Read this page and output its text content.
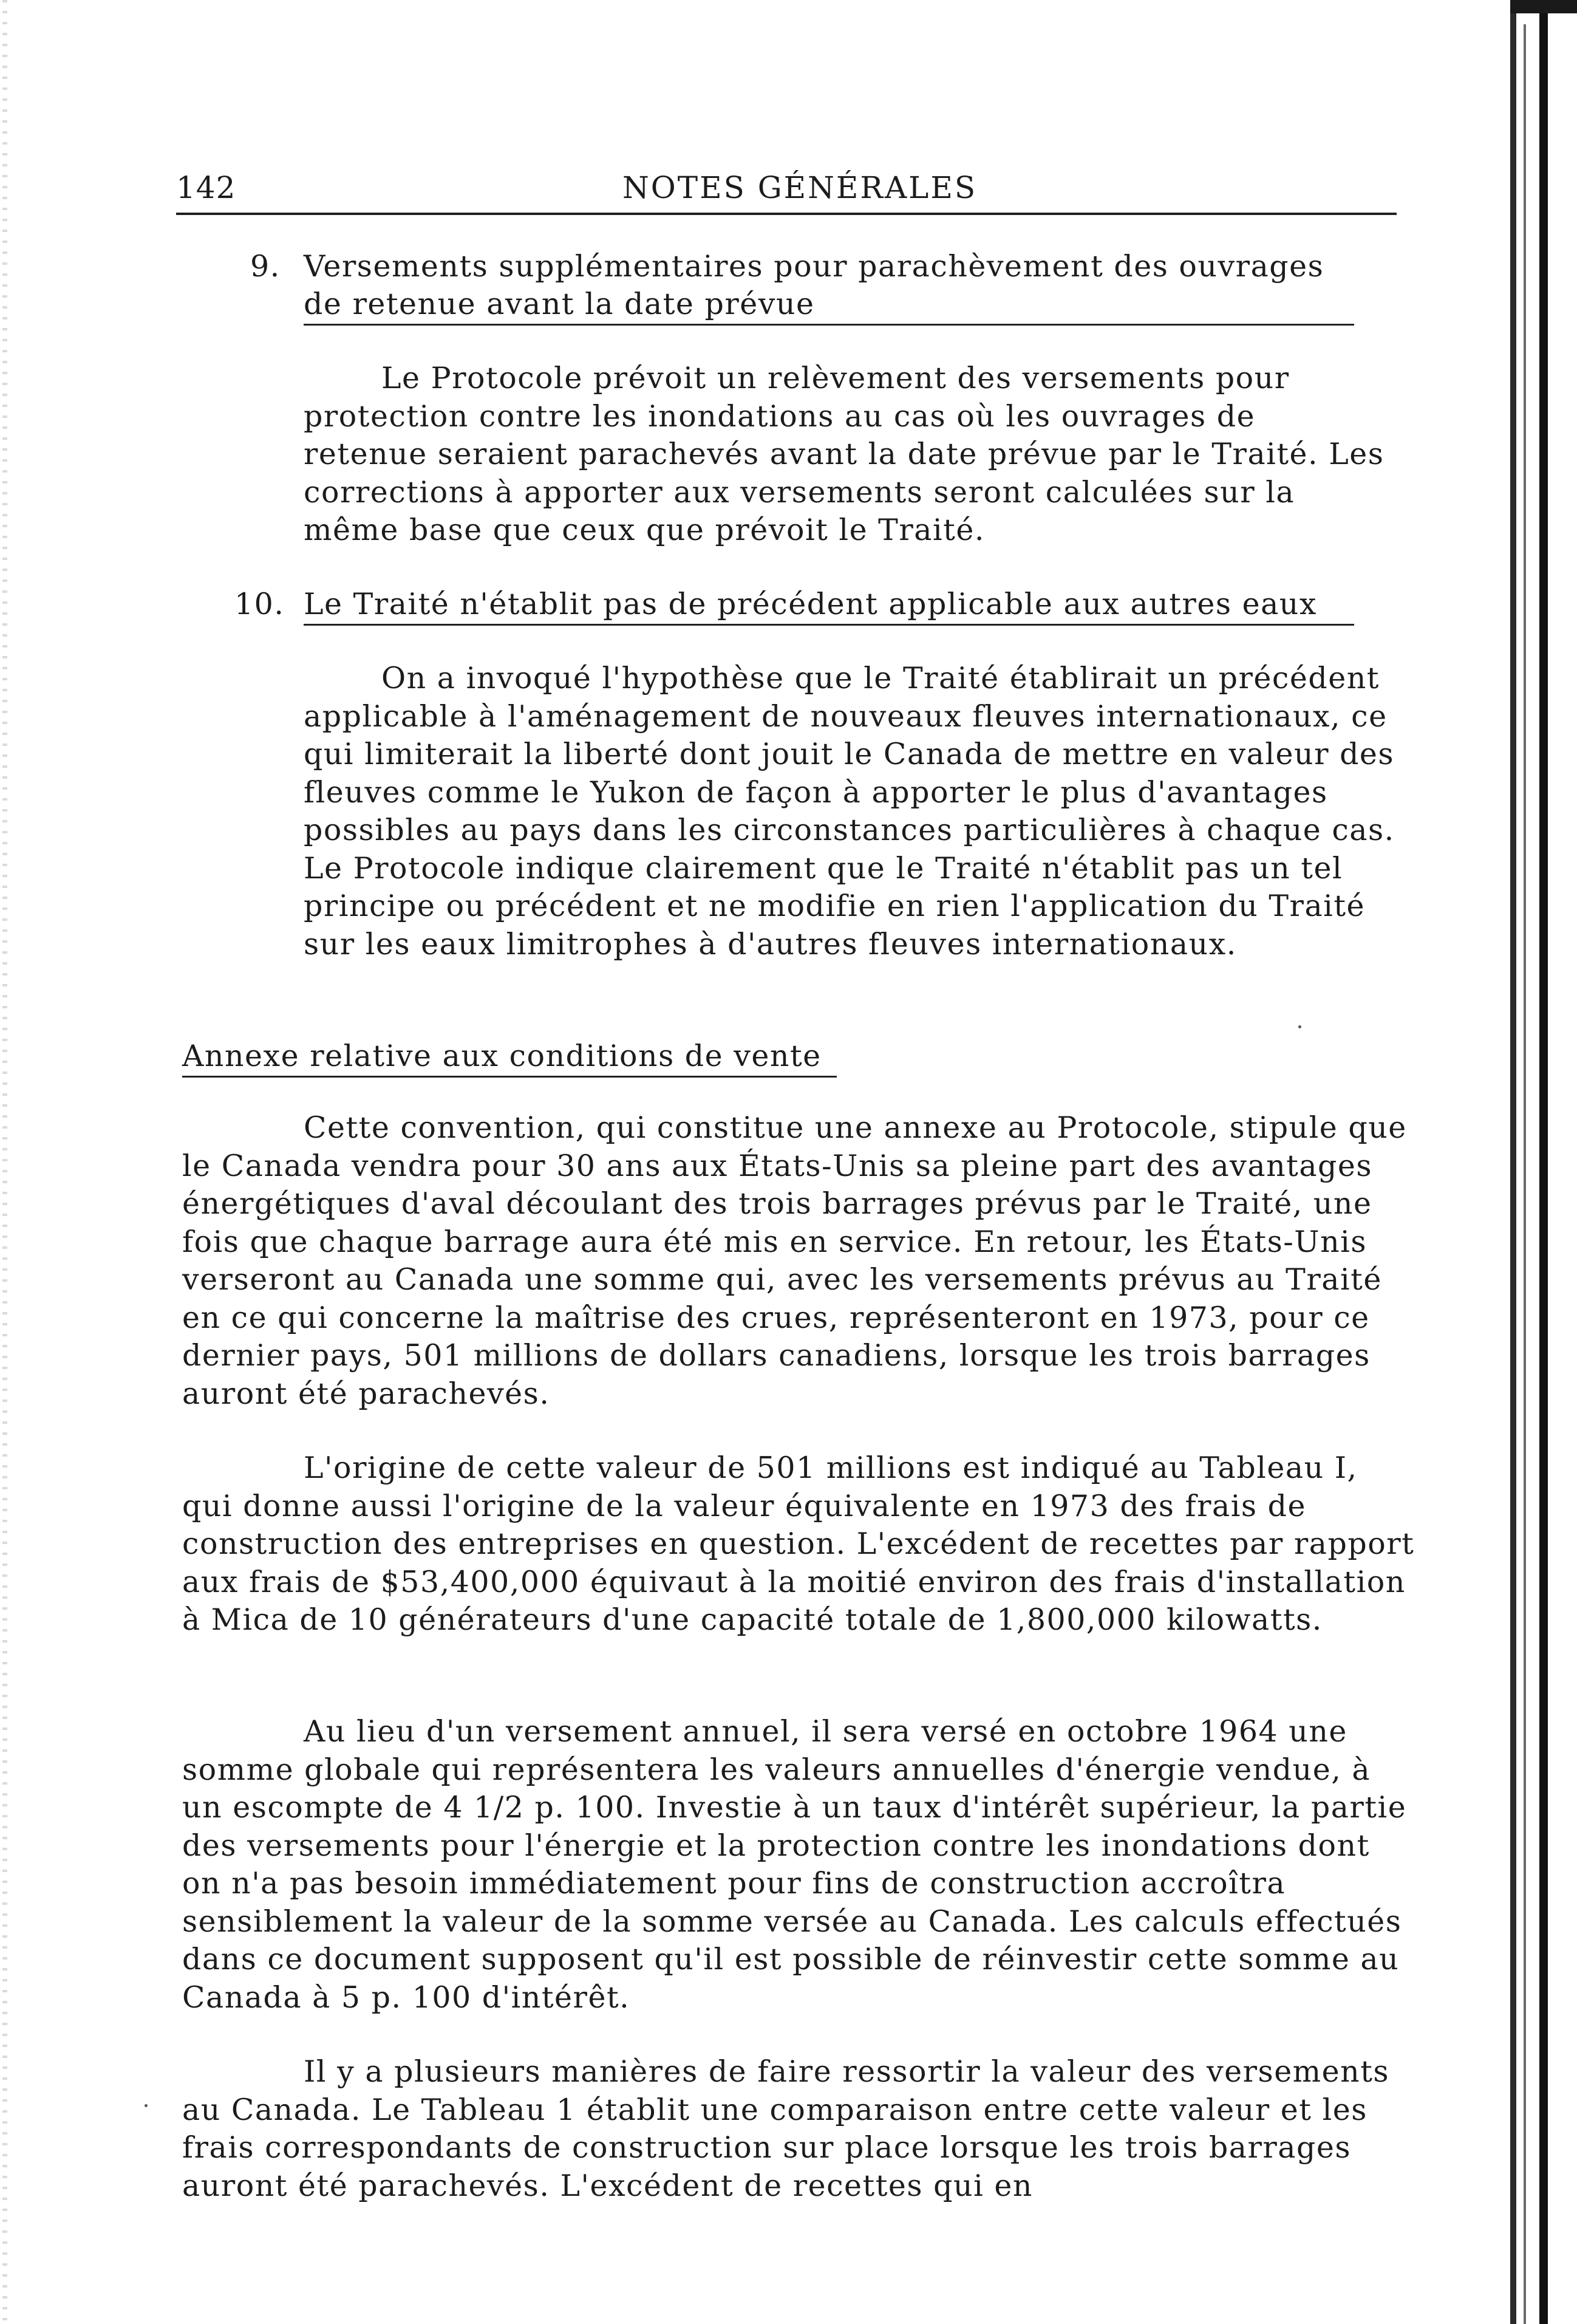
142	NOTES GÉNÉRALES
9. Versements supplémentaires pour parachèvement des ouvrages
de retenue avant la date prévue
Le Protocole prévoit un relèvement des versements pour protection contre les inondations au cas où les ouvrages de retenue seraient parachevés avant la date prévue par le Traité. Les corrections à apporter aux versements seront calculées sur la même base que ceux que prévoit le Traité.
10. Le Traité n'établit pas de précédent applicable aux autres eaux
On a invoqué l'hypothèse que le Traité établirait un précédent applicable à l'aménagement de nouveaux fleuves internationaux, ce qui limiterait la liberté dont jouit le Canada de mettre en valeur des fleuves comme le Yukon de façon à apporter le plus d'avantages possibles au pays dans les circonstances particulières à chaque cas. Le Protocole indique clairement que le Traité n'établit pas un tel principe ou précédent et ne modifie en rien l'application du Traité sur les eaux limitrophes à d'autres fleuves internationaux.
Annexe relative aux conditions de vente
Cette convention, qui constitue une annexe au Protocole, stipule que le Canada vendra pour 30 ans aux États-Unis sa pleine part des avantages énergétiques d'aval découlant des trois barrages prévus par le Traité, une fois que chaque barrage aura été mis en service. En retour, les États-Unis verseront au Canada une somme qui, avec les versements prévus au Traité en ce qui concerne la maîtrise des crues, représenteront en 1973, pour ce dernier pays, 501 millions de dollars canadiens, lorsque les trois barrages auront été parachevés.
L'origine de cette valeur de 501 millions est indiqué au Tableau I, qui donne aussi l'origine de la valeur équivalente en 1973 des frais de construction des entreprises en question. L'excédent de recettes par rapport aux frais de $53,400,000 équivaut à la moitié environ des frais d'installation à Mica de 10 générateurs d'une capacité totale de 1,800,000 kilowatts.
Au lieu d'un versement annuel, il sera versé en octobre 1964 une somme globale qui représentera les valeurs annuelles d'énergie vendue, à un escompte de 4 1/2 p. 100. Investie à un taux d'intérêt supérieur, la partie des versements pour l'énergie et la protection contre les inondations dont on n'a pas besoin immédiatement pour fins de construction accroîtra sensiblement la valeur de la somme versée au Canada. Les calculs effectués dans ce document supposent qu'il est possible de réinvestir cette somme au Canada à 5 p. 100 d'intérêt.
Il y a plusieurs manières de faire ressortir la valeur des versements au Canada. Le Tableau 1 établit une comparaison entre cette valeur et les frais correspondants de construction sur place lorsque les trois barrages auront été parachevés. L'excédent de recettes qui en
